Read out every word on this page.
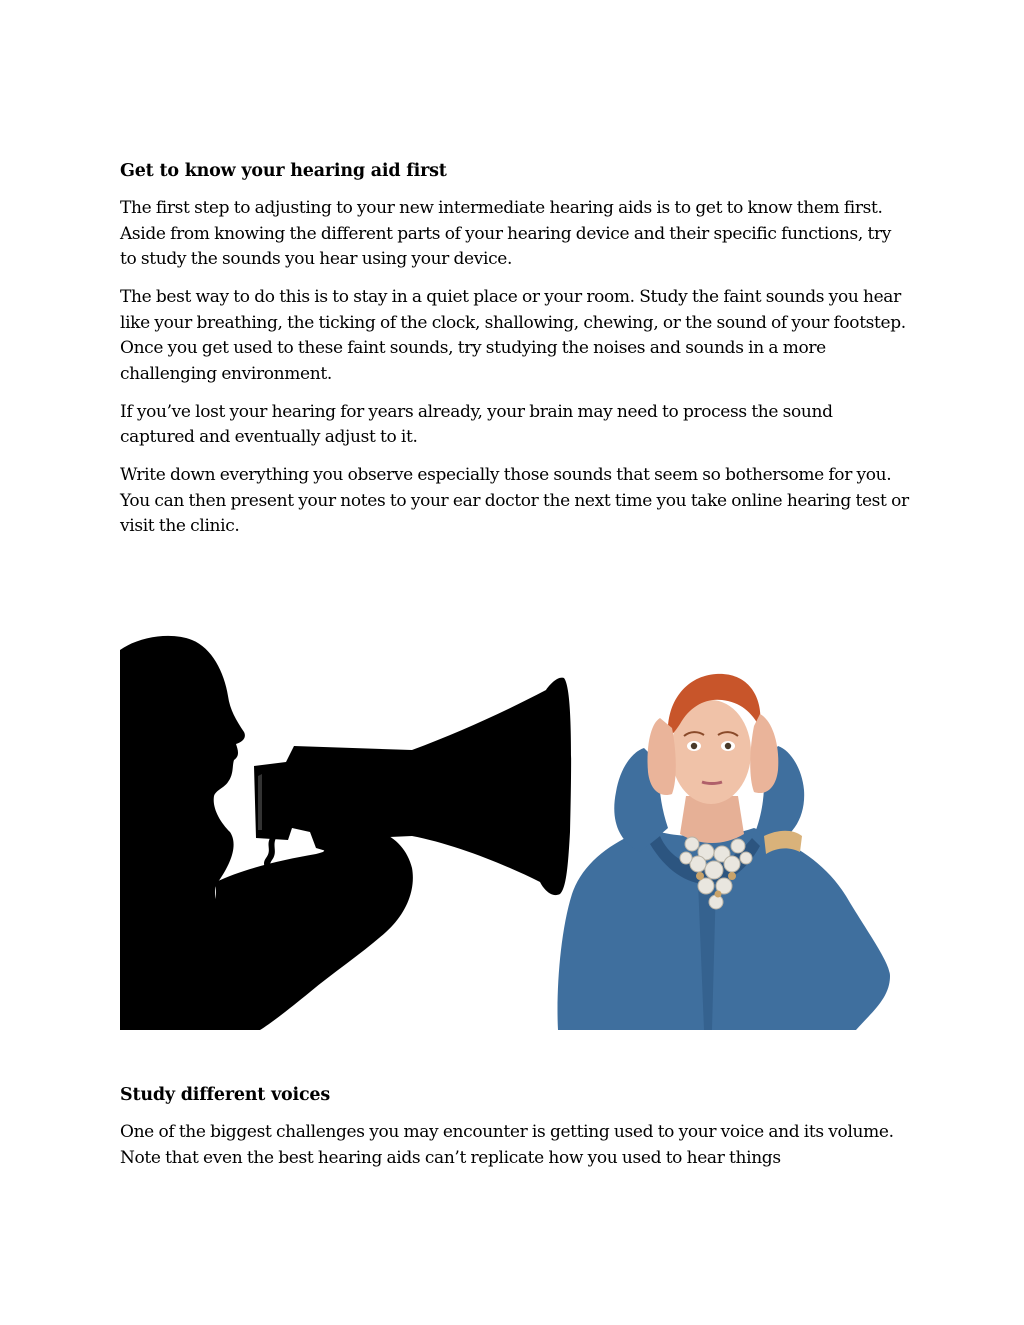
Get to know your hearing aid first

The first step to adjusting to your new intermediate hearing aids is to get to know them first. Aside from knowing the different parts of your hearing device and their specific functions, try to study the sounds you hear using your device.

The best way to do this is to stay in a quiet place or your room. Study the faint sounds you hear like your breathing, the ticking of the clock, shallowing, chewing, or the sound of your footstep. Once you get used to these faint sounds, try studying the noises and sounds in a more challenging environment.

If you’ve lost your hearing for years already, your brain may need to process the sound captured and eventually adjust to it.

Write down everything you observe especially those sounds that seem so bothersome for you. You can then present your notes to your ear doctor the next time you take online hearing test or visit the clinic.

Study different voices

One of the biggest challenges you may encounter is getting used to your voice and its volume. Note that even the best hearing aids can’t replicate how you used to hear things
